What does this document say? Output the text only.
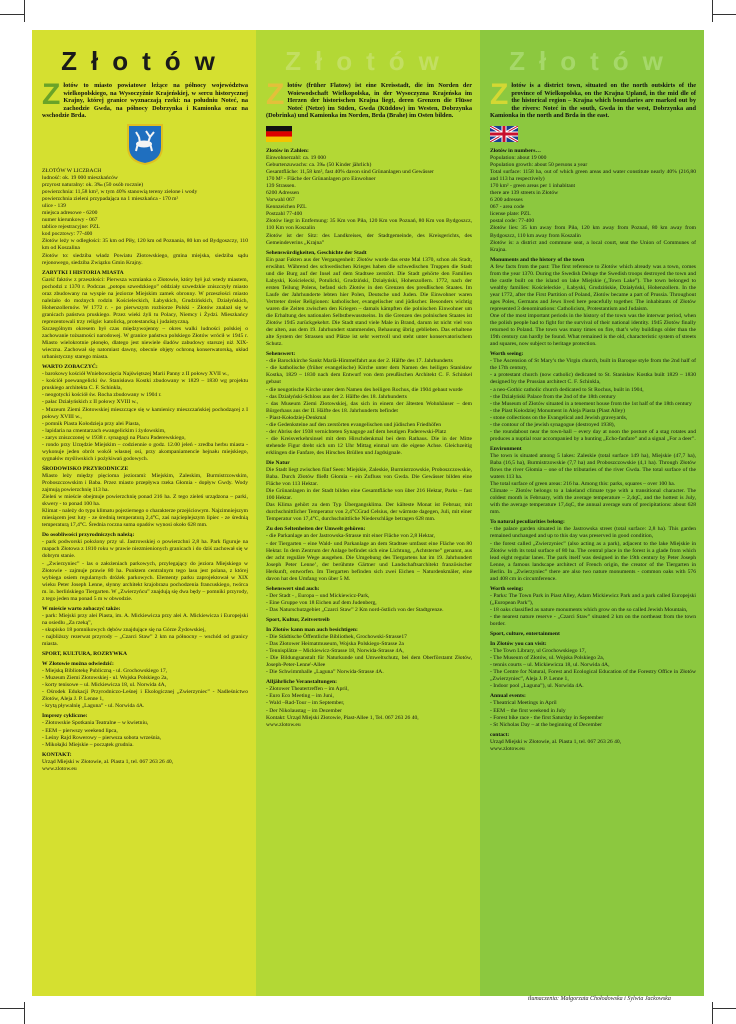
Złotów

Złotów to miasto powiatowe leżące na północy województwa wielkopolskiego, na Wysoczyźnie Krajeńskiej, w sercu historycznej Krajny, której granice wyznaczają rzeki: na południu Noteć, na zachodzie Gwda, na północy Dobrzynka i Kamionka oraz na wschodzie Brda.

ZŁOTÓW W LICZBACH

ludność: ok. 19 000 mieszkańców

przyrost naturalny: ok. 3‰ (50 osób rocznie)

powierzchnia: 11,58 km², w tym 40% stanowią tereny zielone i wody

powierzchnia zieleni przypadająca na 1 mieszkańca - 170 m²

ulice - 139

miejsca adresowe - 6200

numer kierunkowy - 067

tablice rejestracyjne: PZL

kod pocztowy: 77-400

Złotów leży w odległości: 35 km od Piły, 120 km od Poznania, 80 km od Bydgoszczy, 110 km od Koszalina

Złotów to: siedziba władz Powiatu Złotowskiego, gmina miejska, siedziba sądu rejonowego, siedziba Związku Gmin Krajny.

ZABYTKI I HISTORIA MIASTA

Garść faktów z przeszłości: Pierwsza wzmianka o Złotowie, który był już wtedy miastem, pochodzi z 1370 r. Podczas „potopu szwedzkiego” oddziały szwedzkie zniszczyły miasto oraz zbudowany na wyspie na jeziorze Miejskim zamek obronny. W przeszłości miasto należało do możnych rodzin Kościeleckich, Łabyskich, Grudzińskich, Działyńskich, Hohenzollernów. W 1772 r. - po pierwszym rozbiorze Polski - Złotów znalazł się w granicach państwa pruskiego. Przez wieki żyli tu Polacy, Niemcy i Żydzi. Mieszkańcy reprezentowali trzy religie: katolicką, protestancką i judaistyczną.

Szczególnym okresem był czas międzywojenny – okres walki ludności polskiej o zachowanie tożsamości narodowej. W granice państwa polskiego Złotów wrócił w 1945 r. Miasto wielokrotnie płonęło, dlatego jest niewiele śladów zabudowy starszej niż XIX-wieczna. Zachował się natomiast dawny, obecnie objęty ochroną konserwatorską, układ urbanistyczny starego miasta.

WARTO ZOBACZYĆ:

- barokowy kościół Wniebowzięcia Najświętszej Marii Panny z II połowy XVII w.,

- kościół poewangelicki św. Stanisława Kostki zbudowany w 1829 – 1830 wg projektu pruskiego architekta C. F. Schinkla,

- neogotycki kościół św. Rocha zbudowany w 1904 r.

- pałac Działyńskich z II połowy XVIII w.,

- Muzeum Ziemi Złotowskiej mieszczące się w kamienicy mieszczańskiej pochodzącej z I połowy XVIII w.,

- pomnik Piasta Kołodzieja przy alei Piasta,

- lapidaria na cmentarzach ewangelickim i żydowskim,

- zarys zniszczonej w 1938 r. synagogi na Placu Paderewskiego,

- rondo przy Urzędzie Miejskim – codziennie o godz. 12.00 jeleń - zredba herbu miasta - wykonuje jeden obrót wokół własnej osi, przy akompaniamencie hejnału miejskiego, sygnałów myśliwskich i pożykiwań godowych.

ŚRODOWISKO PRZYRODNICZE

Miasto leży między pięcioma jeziorami: Miejskim, Zaleskim, Burmistrzowskim, Proboszczowskim i Baba. Przez miasto przepływa rzeka Głomia - dopływ Gwdy. Wody zajmują powierzchnię 113 ha.

Zieleń w mieście obejmuje powierzchnię ponad 216 ha. Z tego zieleń urządzona – parki, skwery - to ponad 100 ha.

Klimat - należy do typu klimatu pojeziernego o charakterze przejściowym. Najzimniejszym miesiącem jest luty - ze średnią temperaturą 2,4°C, zaś najcieplejszym lipiec - ze średnią temperaturą 17,4°C. Średnia roczna suma opadów wynosi około 628 mm.

Do osobliwości przyrodniczych należą:

- park podworski położony przy ul. Jastrowskiej o powierzchni 2,8 ha. Park figuruje na mapach Złotowa z 1810 roku w prawie niezmienionych granicach i do dziś zachował się w dobrym stanie.

- „Zwierzyniec” - las o założeniach parkowych, przylegający do jeziora Miejskiego w Złotowie - zajmuje prawie 80 ha. Punktem centralnym tego lasu jest polana, z której wybiega osiem regularnych dróżek parkowych. Elementy parku zaprojektował w XIX wieku Peter Joseph Lenne, słynny architekt krajobrazu pochodzenia francuskiego, twórca m. in. berlińskiego Tiergarten. W „Zwierzyńcu” znajdują się dwa będy – pomniki przyrody, z tego jeden ma ponad 5 m w obwodzie.

W mieście warto zobaczyć także:

- park: Miejski przy alei Piasta, im. A. Mickiewicza przy alei A. Mickiewicza i Europejski na osiedlu „Za rzeką”,

- skupisko 18 pomnikowych dębów znajdujące się na Górze Żydowskiej,

- najbliższy rezerwat przyrody – „Czarci Staw” 2 km na północny – wschód od granicy miasta.

SPORT, KULTURA, ROZRYWKA

W Złotowie można odwiedzić:

- Miejską Bibliotekę Publiczną - ul. Grochowskiego 17,

- Muzeum Ziemi Złotowskiej - ul. Wojska Polskiego 2a,

- korty tenisowe – ul. Mickiewicza 18, ul. Norwida 4A,

- Ośrodek Edukacji Przyrodniczo-Leśnej i Ekologicznej „Zwierzyniec” - Nadleśnictwo Złotów, Aleja J. P. Lenne 1,

- krytą pływalnię „Laguna” - ul. Norwida 4A.

Imprezy cykliczne:

- Złotowskie Spotkania Teatralne – w kwietniu,

- EEM – pierwszy weekend lipca,

- Leśny Rajd Rowerowy – pierwsza sobota września,

- Mikołajki Miejskie – początek grudnia.

KONTAKT:

Urząd Miejski w Złotowie, al. Piasta 1, tel. 067 263 26 40,

www.zlotow.eu

Złotów

Złotów (früher Flatow) ist eine Kreisstadt, die im Norden der Woiewodschaft Wielkopolska, in der Wysoczyzna Krajeńska im Herzen der historischen Krajna liegt, deren Grenzen die Flüsse Noteć (Netze) im Süden, Gwda (Küddow) im Westen, Dobrzynka (Dobrinka) und Kamionka im Norden, Brda (Brahe) im Osten bilden.

Złotów in Zahlen:

Einwohnerzahl: ca. 19 000

Geburtenzuwachs: ca. 3‰ (50 Kinder jährlich)

Gesamtfläche: 11,58 km², fast 40% davon sind Grünanlagen und Gewässer

170 M² - Fläche der Grünanlagen pro Einwohner

139 Strassen.

6200 Adressen

Vorwahl 067

Kennzeichen PZL

Postzahl 77-400

Złotów liegt in Entfernung: 35 Km von Piła, 120 Km von Poznań, 80 Km von Bydgoszcz, 110 Km von Koszalin

Złotów ist der Sitz: des Landkreises, der Stadtgemeinde, des Kreisgerichts, des Gemeindeverins „Krajna”

Sehenswürdigkeiten, Geschichte der Stadt

Ein paar Fakten aus der Vergangenheit: Złotów wurde das erste Mal 1370, schon als Stadt, erwähnt. Während des schwedischen Krieges haben die schwedischen Truppen die Stadt und die Burg auf der Insel auf dem Stadtsee zerstört. Die Stadt gehörte den Familien Łabyski, Kościelecki, Potulicki, Grudziński, Działyński, Hohenzollern. 1772, nach der ersten Teilung Polens, befand sich Złotów in den Grenzen des preußischen Staates. Im Laufe der Jahrhunderte lebten hier Polen, Deutsche und Juden. Die Einwohner waren Vertreter dreier Religionen: katholischer, evangelischer und jüdischer. Besonders wichtig waren die Zeiten zwischen den Kriegen – damals kämpften die polnischen Einwohner um die Erhaltung des nationalen Selbstbewusstseins. In die Grenzen des polnischen Staates ist Złotów 1945 zurückgekehrt. Die Stadt stand viele Male in Brand, darum ist nicht viel von der alten, aus dem 19. Jahrhundert stammenden, Behauung übrig geblieben. Das erhaltene alte System der Strassen und Plätze ist sehr wertvoll und steht unter konservatorischem Schutz.

Sehenswert:

- die Barockkirche Sankt Mariä-Himmelfahrt aus der 2. Hälfte des 17. Jahrhunderts

- die katholische (früher evangelische) Kirche unter dem Namen des heiligen Stanisław Kostka, 1829 – 1830 nach dem Entwurf von dem preußischen Architekt C. F. Schinkel gebaut

- die neugotische Kirche unter dem Namen des heiligen Rochus, die 1904 gebaut wurde

- das Działyński-Schloss aus der 2. Hälfte des 18. Jahrhunderts

- das Museum Ziemi Złotowskiej, das sich in einem der ältesten Wohnhäuser – dem Bürgerhaus aus der II. Hälfte des 18. Jahrhunderts befindet

- Piast-Kołodziej-Denkmal

- die Gedenksteine auf den zerstörten evangelischen und jüdischen Friedhöfen

- der Abriss der 1938 vernichteten Synagoge auf dem heutigen Paderewski-Platz

- die Kreisverkehrsinsel mit dem Hirschdenkmal bei dem Rathaus. Die in der Mitte stehende Figur dreht sich um 12 Uhr Mittag einmal um die eigene Achse. Gleichzeitig erklingen die Fanfare, des Hirsches Brüllen und Jagdsignale.

Die Natur

Die Stadt liegt zwischen fünf Seen: Miejskie, Zaleskie, Burmistrzowskie, Proboszczowskie, Baba. Durch Złotów fließt Głomia – ein Zufluss von Gwda. Die Gewässer bilden eine Fläche von 113 Hektar.

Die Grünanlagen in der Stadt bilden eine Gesamtfläche von über 216 Hektar, Parks – fast 100 Hektar.

Das Klima gehört zu dem Typ Übergangsklima. Der kälteste Monat ist Februar, mit durchschnittlicher Temperatur von 2,4°CGrad Celsius, der wärmste dagegen, Juli, mit einer Temperatur von 17,4°C, durchschnittliche Niederschläge betragen 628 mm.

Zu den Seltenheiten der Umwelt gehören:

- die Parkanlage an der Jastrowska-Strasse mit einer Fläche von 2,8 Hektar,

- der Tiergarten – eine Wald- und Parkanlage an dem Stadtsee umfasst eine Fläche von 80 Hektar. In dem Zentrum der Anlage befindet sich eine Lichtung, „Achtsterne” genannt, aus der acht reguläre Wege ausgehen. Die Umgebung des Tiergartens hat im 19. Jahrhundert Joseph Peter Lenne’, der berühmte Gärtner und Landschaftsarchitekt französischer Herkunft, entworfen. Im Tiergarten befinden sich zwei Eichen – Naturdenkmäler, eine davon hat den Umfang von über 5 M.

Sehenswert sind auch:

- Der Stadt - , Europa – und Mickiewicz-Park,

- Eine Gruppe von 18 Eichen auf dem Judenberg,

- Das Naturschutzgebiet „Czarci Staw” 2 Km nord-östlich von der Stadtgrenze.

Sport, Kultur, Zeitvertreib

In Złotów kann man auch besichtigen:

- Die Städtische Öffentliche Bibliothek, Grochowski-Strasse17

- Das Złotower Heimatmuseum, Wojska Polskiego-Strasse 2a

- Tennisplätze – Mickiewicz-Strasse 18, Norwida-Strasse 4A,

- Die Bildungsanstalt für Naturkunde und Umweltschutz, bei dem Oberförstamt Złotów, Joseph-Peter-Lenne'-Allee

- Die Schwimmhalle „Laguna” Norwida-Strasse 4A.

Alljährliche Veranstaltungen:

- Złotower Theatertreffen – im April,

- Euro Eco Meeting – im Juni,

- Wald –Rad-Tour – im September,

- Der Nikolaustag – im Dezember

Kontakt: Urząd Miejski Złotowie, Piast-Allee 1, Tel. 067 263 26 40,

www.zlotow.eu

Złotów

Złotów is a district town, situated on the north outskirts of the province of Wielkopolska, on the Krajna Upland, in the mid dle of the historical region – Krajna which boundaries are marked out by the rivers: Noteć in the south, Gwda in the west, Dobrzynka and Kamionka in the north and Brda in the east.

Złotów in numbers…

Population: about 19 000

Population growth: about 50 persons a year

Total surface: 1158 ha, out of which green areas and water constitute nearly 40% (216,80 and 113 ha respectively)

170 km² - green areas per 1 inhabitant

there are 139 streets in Złotów

6 200 adresses

067 - area code

license plate: PZL

postal code: 77-400

Złotów lies: 35 km away from Piła, 120 km away from Poznań, 80 km away from Bydgoszcz, 110 km away from Koszalin

Złotów is: a district and commune seat, a local court, seat the Union of Communes of Krajna.

Monuments and the history of the town

A few facts from the past: The first reference to Złotów which already was a town, comes from the year 1370. During the Swedish Deluge the Swedish troops destroyed the town and the castle built on the island on lake Miejskie („Town Lake”). The town belonged to wealthy families: Kościeleckie , Łabyski, Grudzińskie, Działyński, Hohenzollern. In the year 1772, after the First Partition of Poland, Złotów became a part of Prussia. Throughout ages Poles, Germans and Jews lived here peacefully together. The inhabitants of Złotów represented 3 denominations: Catholicism, Protestantism and Judaism.

One of the most important periods in the history of the town was the interwar period, when the polish people had to fight for the survival of their national identity. 1945 Złotów finally returned to Poland. The town was many times on fire, that’s why buildings older than the 19th century can hardly be found. What remained is the old, characteristic system of streets and squares, now subject to heritage protection.

Worth seeing:

- The Ascension of St Mary’s the Virgin church, built in Baroque style from the 2nd half of the 17th century,

- a protestant church (now catholic) dedicated to St. Stanisław Kostka built 1829 – 1830 designed by the Prussian architect C. F. Schinkla,

- a neo-Gothic catholic church dedicated to St Rochus, built in 1904,

- the Działyński Palace from the 2nd of the 18th century

- the Museum of Złotów situated in a tenement house from the 1st half of the 18th century

- the Piast Kołodziej Monument in Aleja Piasta (Piast Alley)

- stone collections on the Evangelical and Jewish graveyards,

- the contour of the jewish synagogue (destroyed 1938),

- the roundabout near the town-hall – every day at noon the posture of a stag rotates and produces a nuptial roar accompanied by a hunting „Echo-fanfare” and a signal „For a deer”.

Environment

The town is situated among 5 lakes: Zaleskie (total surface 149 ha), Miejskie (47,7 ha), Baba (16,5 ha), Burmistrzowskie (7,7 ha) and Proboszczowskie (4,1 ha). Through Złotów flows the river Głomia – one of the tributaries of the river Gwda. The total surface of the waters 113 ha.

The total surface of green areas: 216 ha. Among this: parks, squares – over 100 ha.

Climate – Złotów belongs to a lakeland climate type with a transitional character. The coldest month is February, with the average temperature – 2,4qC, and the hottest is July, with the average temperature 17,4qC, the annual average sum of precipitations: about 628 mm.

To natural peculiarities belong:

- the palace garden situated in the Jastrowska street (total surface: 2,8 ha). This garden remained unchanged and up to this day was preserved in good condition,

- the forest called „Zwierzyniec” (also acting as a park), adjacent to the lake Miejskie in Złotów with its total surface of 80 ha. The central place in the forest is a glade from which lead eight regular lanes. The park itself was designed in the 19th century by Peter Joseph Lenne, a famous landscape architect of French origin, the creator of the Tiergarten in Berlin. In „Zwierzyniec” there are also two nature monuments - common oaks with 576 and 408 cm in circumference.

Worth seeing:

- Parks: The Town Park in Piast Alley, Adam Mickiewicz Park and a park called Europejski („European Park”),

- 18 oaks classified as nature monuments which grow on the so called Jewish Mountain,

- the nearest nature reserve - „Czarci Staw” situated 2 km on the northeast from the town border.

Sport, culture, entertainment

In Złotów you can visit:

- The Town Library, ul Grochowskiego 17,

- The Museum of Złotów, ul. Wojska Polskiego 2a,

- tennis courts – ul. Mickiewicza 18, ul. Norwida 4A,

- The Centre for Natural, Forest and Ecological Education of the Forestry Office in Złotów „Zwierzyniec”, Aleja J. P. Lenne 1,

- Indoor pool „Laguna”), ul. Norwida 4A.

Annual events:

- Theatrical Meetings in April

- EEM – the first weekend in July

- Forest bike race - the first Saturday in September

- St Nicholas Day – at the beginning of December

contact:

Urząd Miejski w Złotowie, al. Piasta 1, tel. 067 263 26 40,

www.zlotow.eu

tłumaczenia: Małgorzata Chołodowska i Sylwia Jackowska
